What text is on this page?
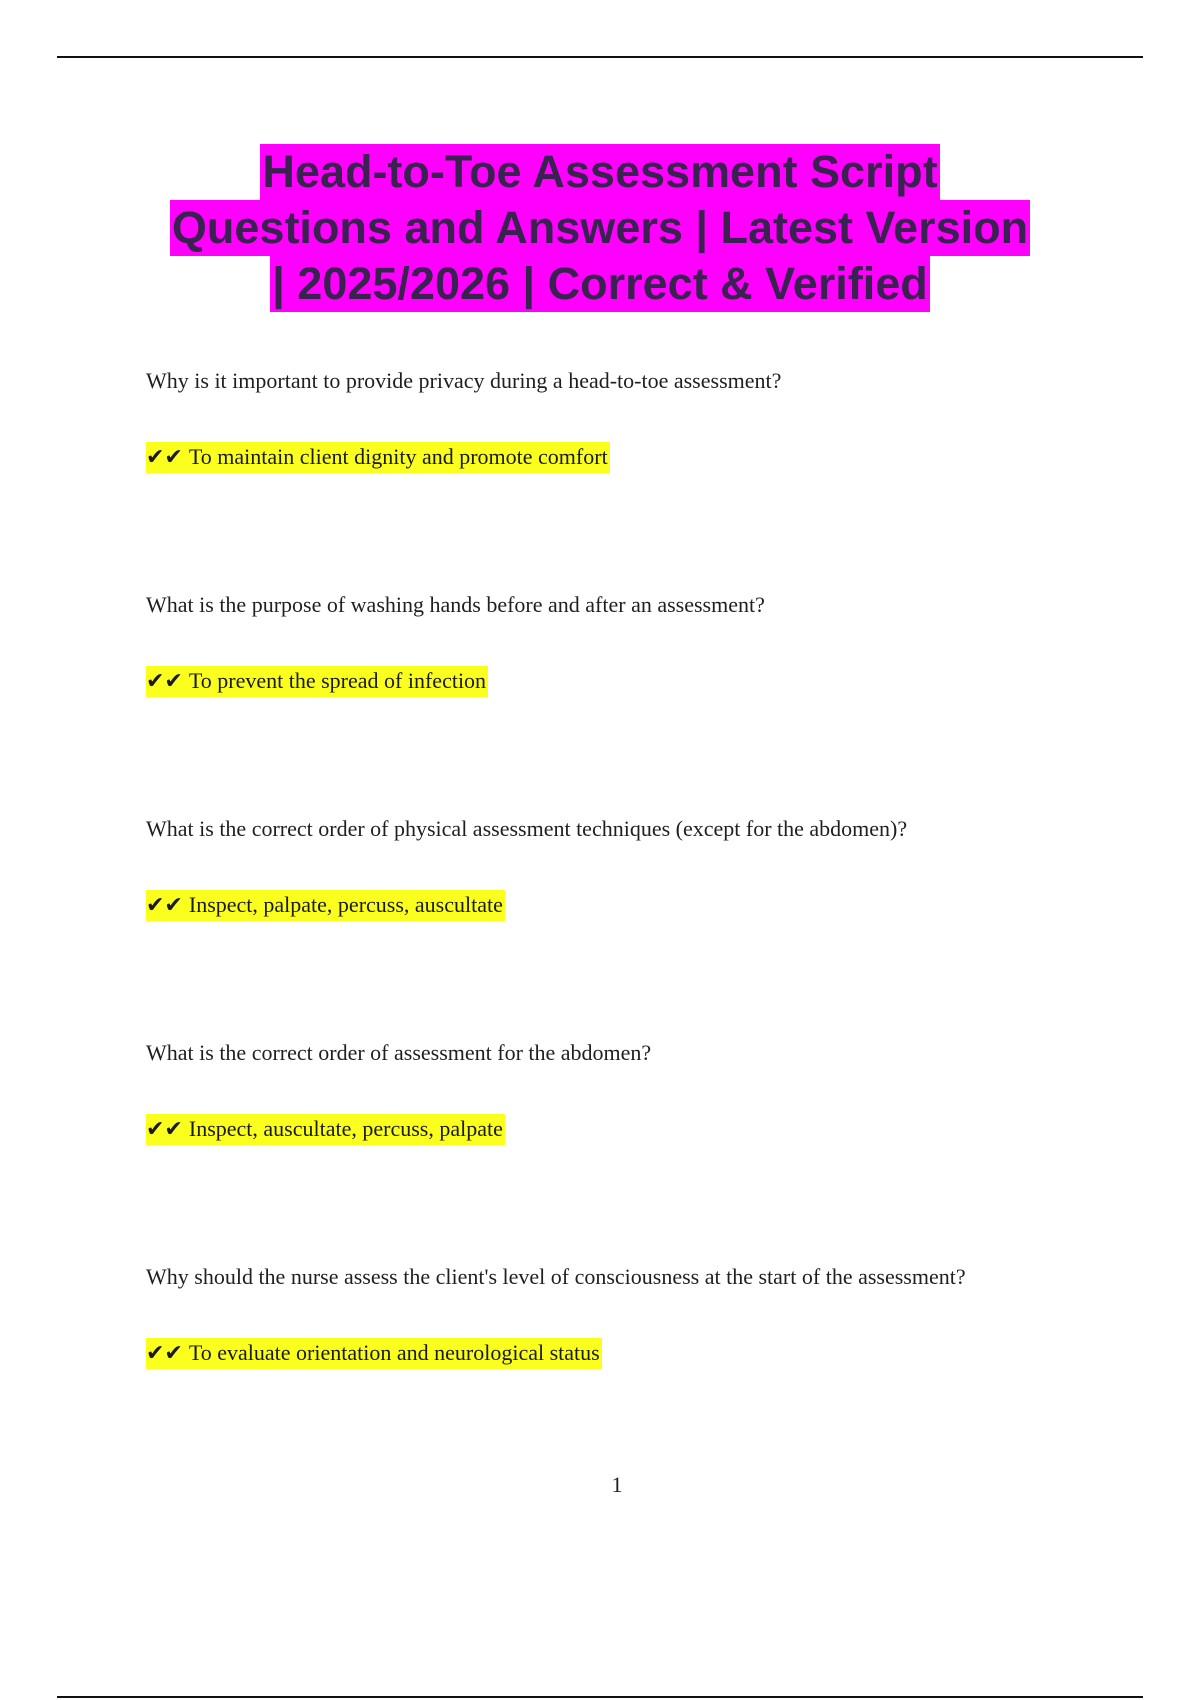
Head-to-Toe Assessment Script
Questions and Answers | Latest Version
| 2025/2026 | Correct & Verified

Why is it important to provide privacy during a head-to-toe assessment?

✔✔ To maintain client dignity and promote comfort

What is the purpose of washing hands before and after an assessment?

✔✔ To prevent the spread of infection

What is the correct order of physical assessment techniques (except for the abdomen)?

✔✔ Inspect, palpate, percuss, auscultate

What is the correct order of assessment for the abdomen?

✔✔ Inspect, auscultate, percuss, palpate

Why should the nurse assess the client's level of consciousness at the start of the assessment?

✔✔ To evaluate orientation and neurological status
1
